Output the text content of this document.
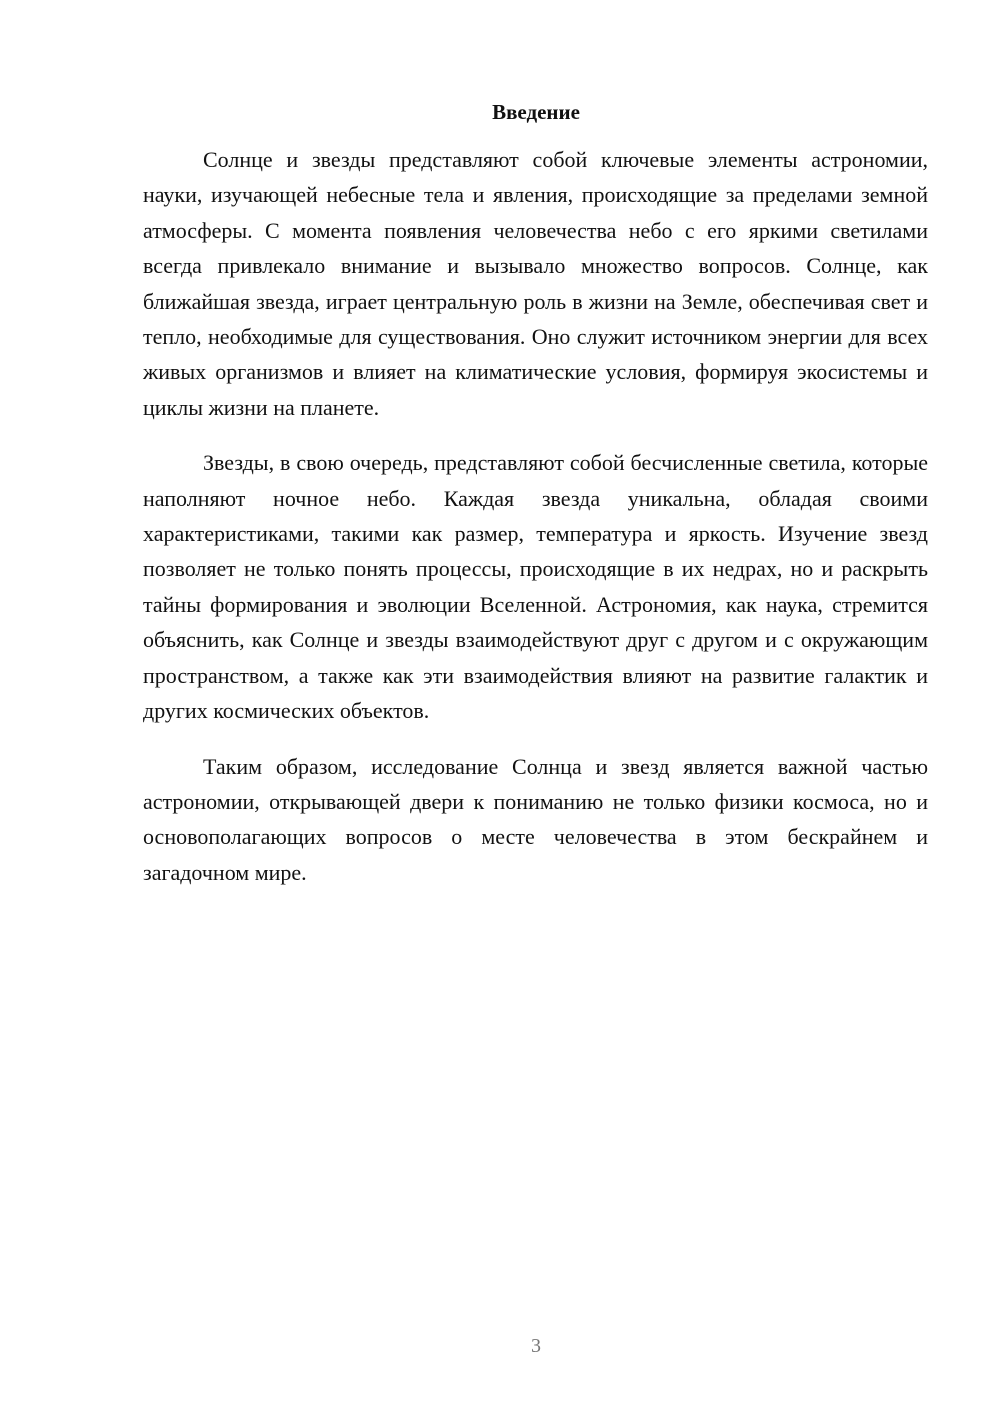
Введение

Солнце и звезды представляют собой ключевые элементы астрономии, науки, изучающей небесные тела и явления, происходящие за пределами земной атмосферы. С момента появления человечества небо с его яркими светилами всегда привлекало внимание и вызывало множество вопросов. Солнце, как ближайшая звезда, играет центральную роль в жизни на Земле, обеспечивая свет и тепло, необходимые для существования. Оно служит источником энергии для всех живых организмов и влияет на климатические условия, формируя экосистемы и циклы жизни на планете.

Звезды, в свою очередь, представляют собой бесчисленные светила, которые наполняют ночное небо. Каждая звезда уникальна, обладая своими характеристиками, такими как размер, температура и яркость. Изучение звезд позволяет не только понять процессы, происходящие в их недрах, но и раскрыть тайны формирования и эволюции Вселенной. Астрономия, как наука, стремится объяснить, как Солнце и звезды взаимодействуют друг с другом и с окружающим пространством, а также как эти взаимодействия влияют на развитие галактик и других космических объектов.

Таким образом, исследование Солнца и звезд является важной частью астрономии, открывающей двери к пониманию не только физики космоса, но и основополагающих вопросов о месте человечества в этом бескрайнем и загадочном мире.

3
